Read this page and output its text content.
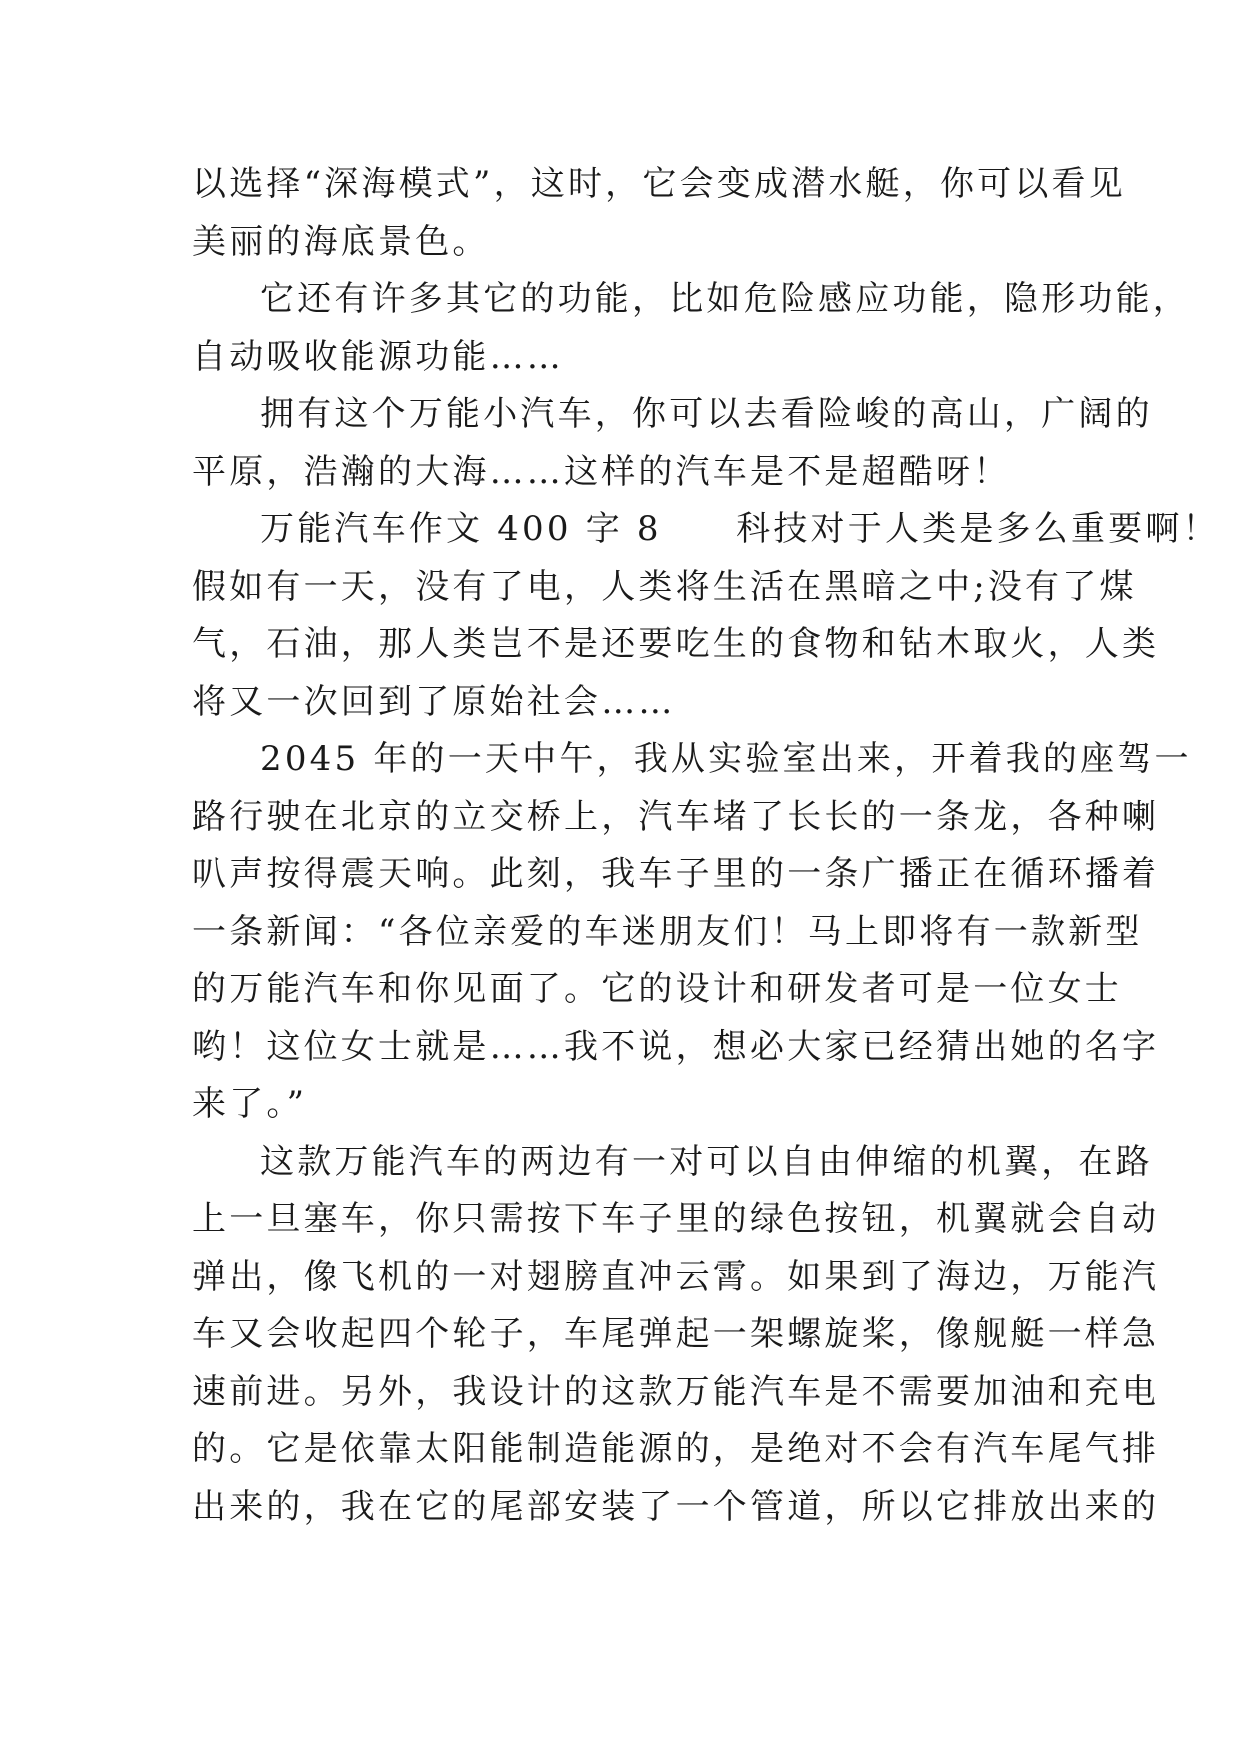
以选择“深海模式”，这时，它会变成潜水艇，你可以看见
美丽的海底景色。
它还有许多其它的功能，比如危险感应功能，隐形功能，
自动吸收能源功能……
拥有这个万能小汽车，你可以去看险峻的高山，广阔的
平原，浩瀚的大海……这样的汽车是不是超酷呀！
万能汽车作文 400 字 8　　科技对于人类是多么重要啊！
假如有一天，没有了电，人类将生活在黑暗之中;没有了煤
气，石油，那人类岂不是还要吃生的食物和钻木取火，人类
将又一次回到了原始社会……
2045 年的一天中午，我从实验室出来，开着我的座驾一
路行驶在北京的立交桥上，汽车堵了长长的一条龙，各种喇
叭声按得震天响。此刻，我车子里的一条广播正在循环播着
一条新闻：“各位亲爱的车迷朋友们！马上即将有一款新型
的万能汽车和你见面了。它的设计和研发者可是一位女士
哟！这位女士就是……我不说，想必大家已经猜出她的名字
来了。”
这款万能汽车的两边有一对可以自由伸缩的机翼，在路
上一旦塞车，你只需按下车子里的绿色按钮，机翼就会自动
弹出，像飞机的一对翅膀直冲云霄。如果到了海边，万能汽
车又会收起四个轮子，车尾弹起一架螺旋桨，像舰艇一样急
速前进。另外，我设计的这款万能汽车是不需要加油和充电
的。它是依靠太阳能制造能源的，是绝对不会有汽车尾气排
出来的，我在它的尾部安装了一个管道，所以它排放出来的
